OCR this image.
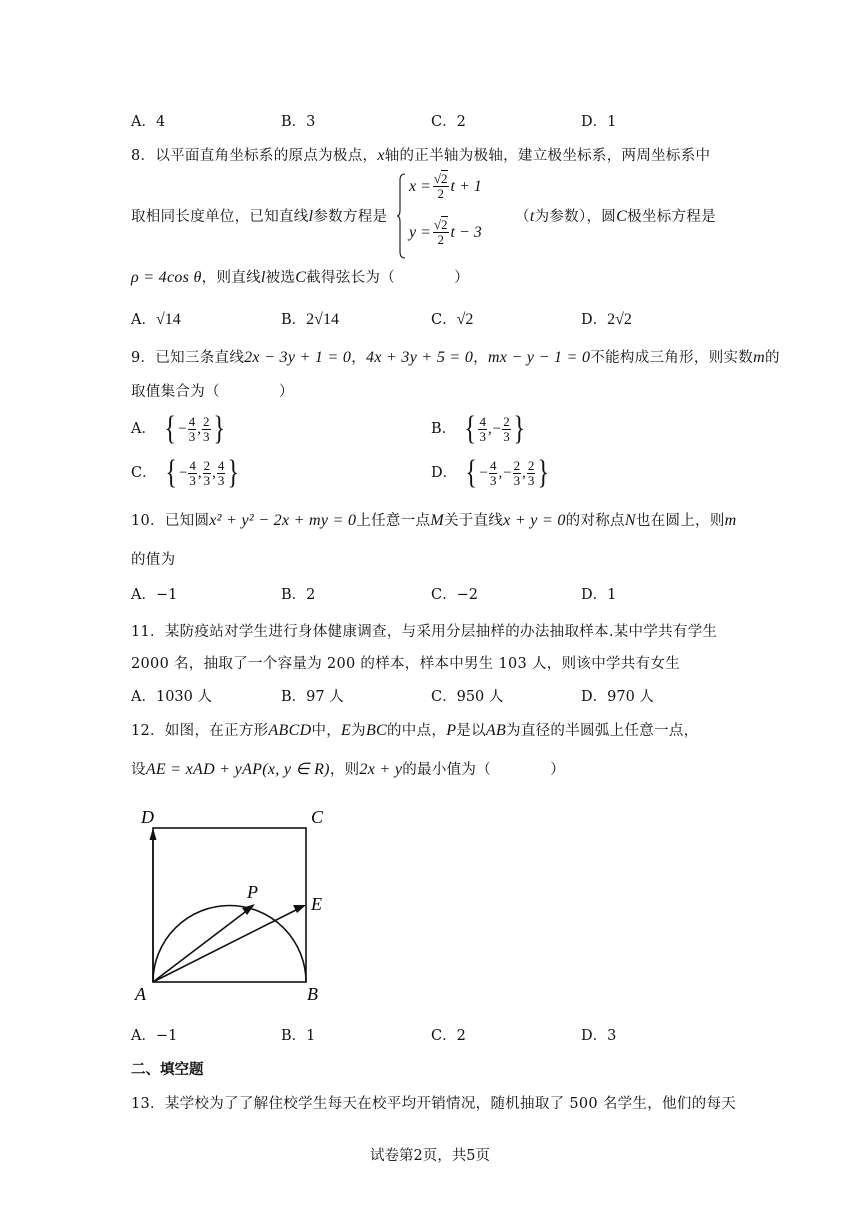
A．4	B．3	C．2	D．1
8．以平面直角坐标系的原点为极点，x轴的正半轴为极轴，建立极坐标系，两周坐标系中
取相同长度单位，已知直线l参数方程是
$x = \frac{√2}{2}$ t + 1
$y = \frac{√2}{2}$ t − 3
（t为参数），圆C极坐标方程是
ρ = 4cos θ，则直线l被选C截得弦长为（　　　　）
A．√14	B．2√14	C．√2	D．2√2
9．已知三条直线2x − 3y + 1 = 0，4x + 3y + 5 = 0，mx − y − 1 = 0不能构成三角形，则实数m的
取值集合为（　　　　）
A． { − $\frac{4}{3}$ , $\frac{2}{3}$ }	B． { $\frac{4}{3}$ , − $\frac{2}{3}$ }
C． { − $\frac{4}{3}$ , $\frac{2}{3}$ , $\frac{4}{3}$ }	D． { − $\frac{4}{3}$ , − $\frac{2}{3}$ , $\frac{2}{3}$ }
10．已知圆x² + y² − 2x + my = 0上任意一点M关于直线x + y = 0的对称点N也在圆上，则m
的值为
A．−1	B．2	C．−2	D．1
11．某防疫站对学生进行身体健康调查，与采用分层抽样的办法抽取样本.某中学共有学生
2000 名，抽取了一个容量为 200 的样本，样本中男生 103 人，则该中学共有女生
A．1030 人	B．97 人	C．950 人	D．970 人
12．如图，在正方形ABCD中，E为BC的中点，P是以AB为直径的半圆弧上任意一点，
设AE = xAD + yAP(x, y ∈ R)，则2x + y的最小值为（　　　　）
D	C
P
E
A	B
A．−1	B．1	C．2	D．3
二、填空题
13．某学校为了了解住校学生每天在校平均开销情况，随机抽取了 500 名学生，他们的每天
试卷第2页，共5页
